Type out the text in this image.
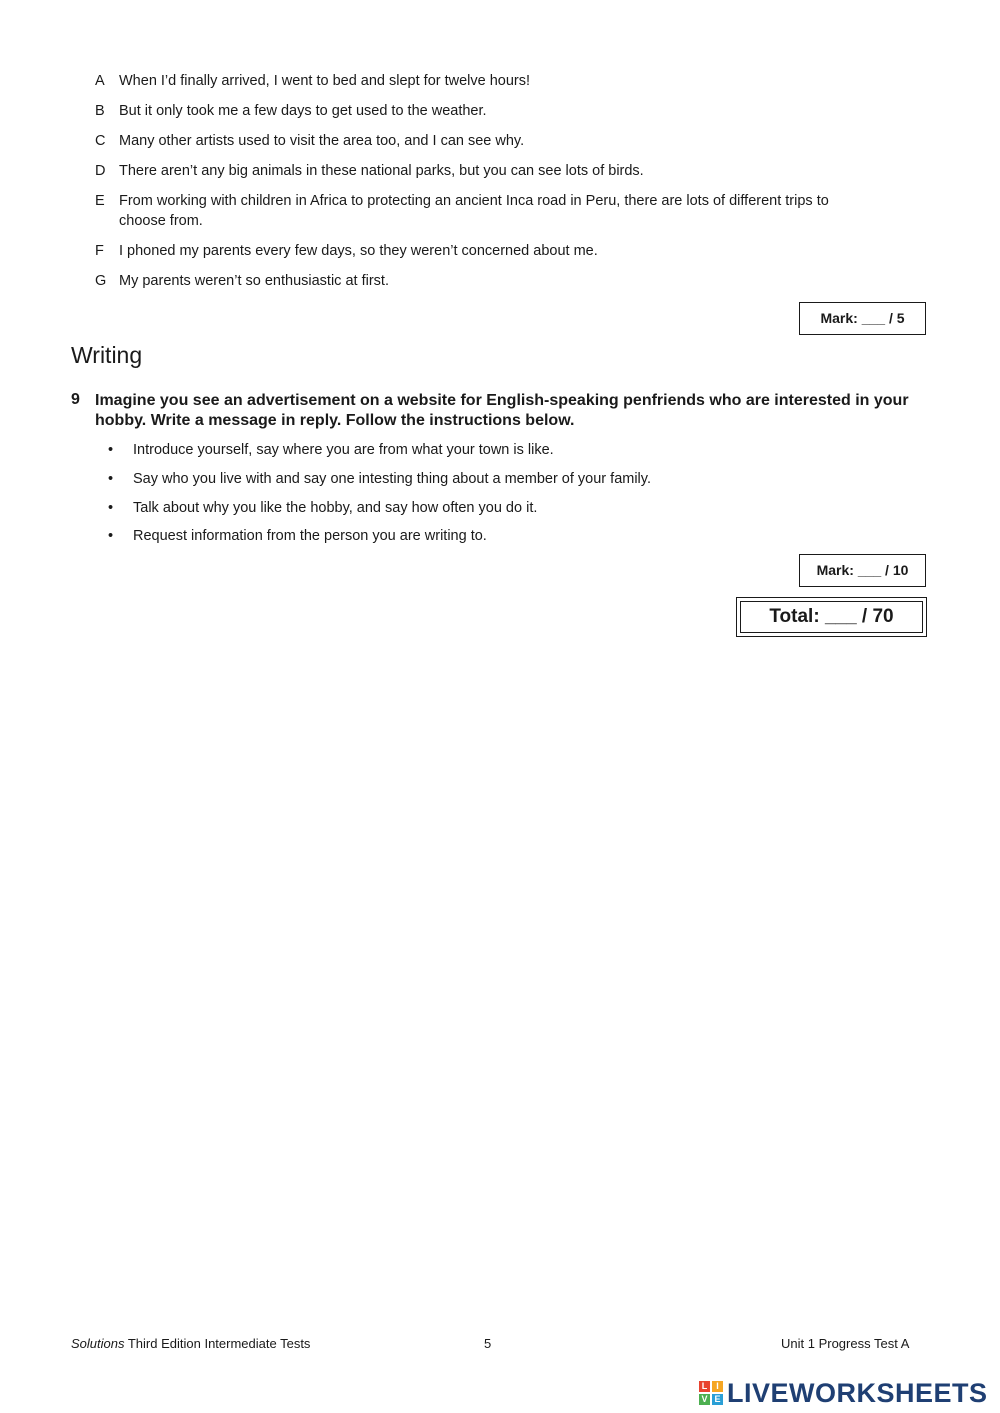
A When I’d finally arrived, I went to bed and slept for twelve hours!
B But it only took me a few days to get used to the weather.
C Many other artists used to visit the area too, and I can see why.
D There aren’t any big animals in these national parks, but you can see lots of birds.
E From working with children in Africa to protecting an ancient Inca road in Peru, there are lots of different trips to choose from.
F	I phoned my parents every few days, so they weren’t concerned about me.
G My parents weren’t so enthusiastic at first.
Mark: ___ / 5
Writing
9 Imagine you see an advertisement on a website for English-speaking penfriends who are interested in your hobby. Write a message in reply. Follow the instructions below.
•	Introduce yourself, say where you are from what your town is like.
•	Say who you live with and say one intesting thing about a member of your family.
•	Talk about why you like the hobby, and say how often you do it.
•	Request information from the person you are writing to.
Mark: ___ / 10
Total: ___ / 70
Solutions Third Edition Intermediate Tests	5	Unit 1 Progress Test A
L I
V E LIVEWORKSHEETS
